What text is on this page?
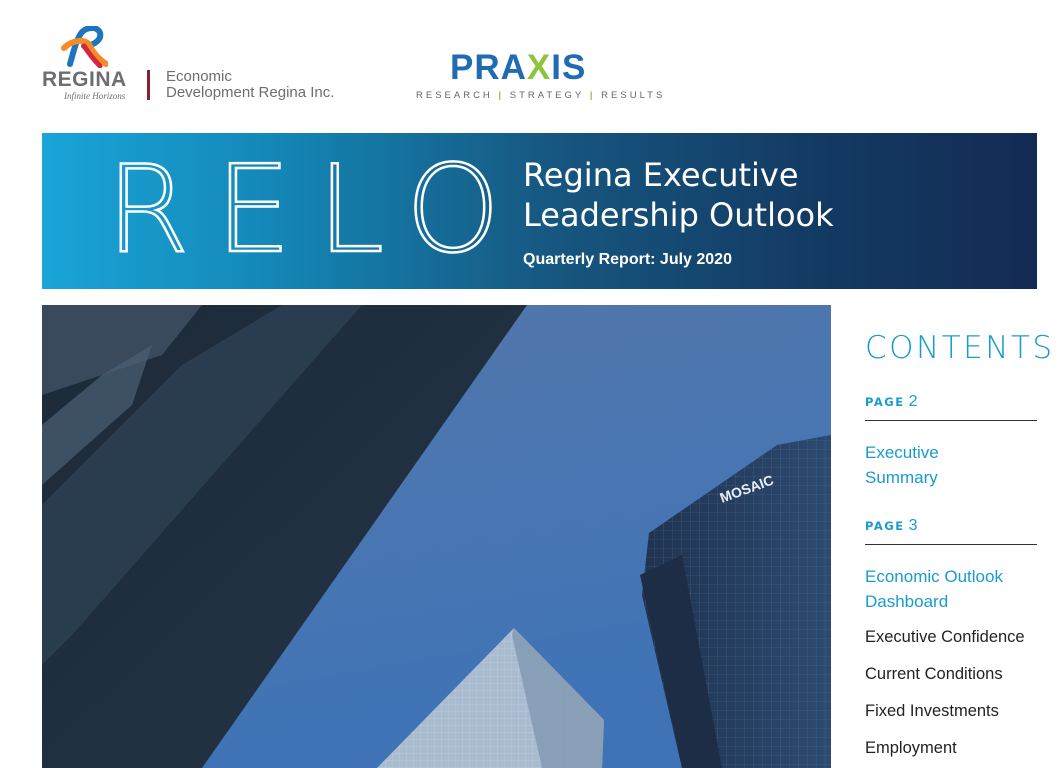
REGINA
Infinite Horizons
Economic
Development Regina Inc.
PRAXIS
RESEARCH | STRATEGY | RESULTS
RELO
Regina Executive
Leadership Outlook
Quarterly Report: July 2020
MOSAIC
CONTENTS
PAGE 2
Executive
Summary
PAGE 3
Economic Outlook
Dashboard
Executive Confidence
Current Conditions
Fixed Investments
Employment
